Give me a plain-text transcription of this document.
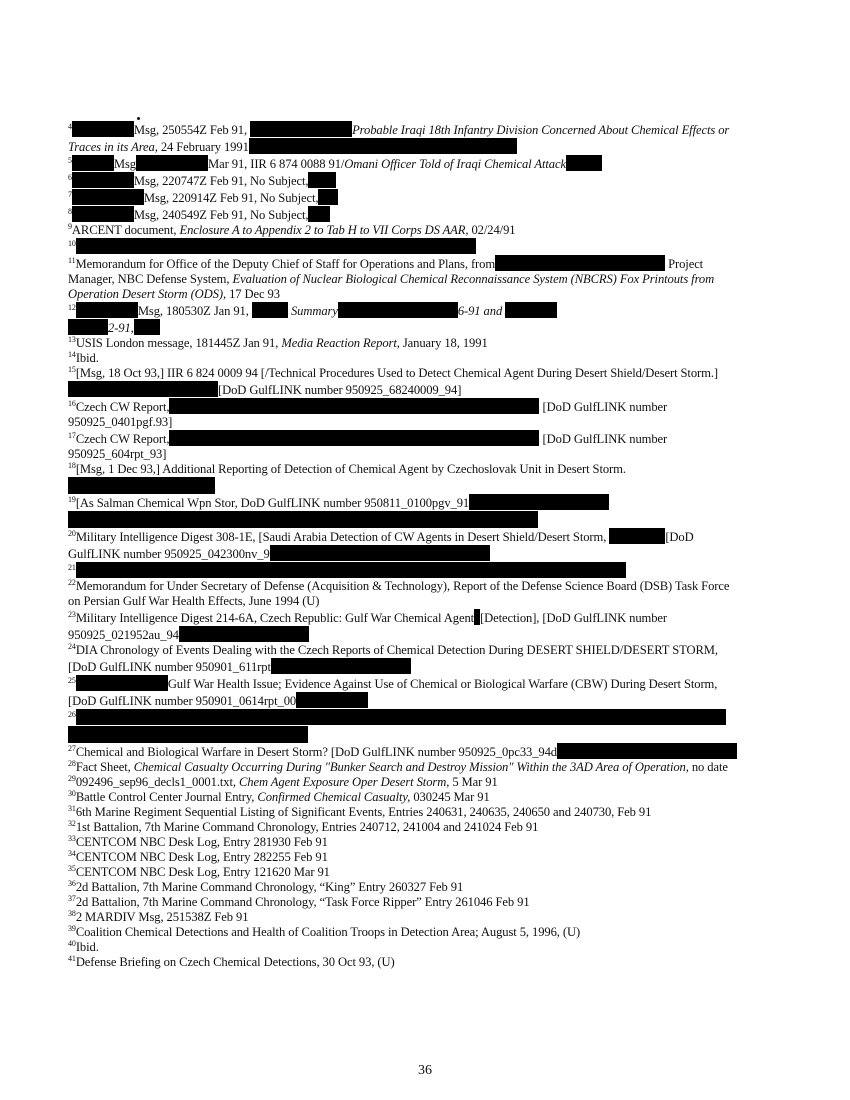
$^4$	Msg, 250554Z Feb 91,	Probable Iraqi 18th Infantry Division Concerned About Chemical Effects or Traces in its Area, 24 February 1991

$^5$	Msg	Mar 91, IIR 6 874 0088 91/Omani Officer Told of Iraqi Chemical Attack

$^6$	Msg, 220747Z Feb 91, No Subject,

$^7$	Msg, 220914Z Feb 91, No Subject,

$^8$	Msg, 240549Z Feb 91, No Subject,

$^9$ARCENT document, Enclosure A to Appendix 2 to Tab H to VII Corps DS AAR, 02/24/91

$^{10}$

$^{11}$Memorandum for Office of the Deputy Chief of Staff for Operations and Plans, from	Project Manager, NBC Defense System, Evaluation of Nuclear Biological Chemical Reconnaissance System (NBCRS) Fox Printouts from Operation Desert Storm (ODS), 17 Dec 93

$^{12}$	Msg, 180530Z Jan 91,	Summary	6-91 and
2-91,

$^{13}$USIS London message, 181445Z Jan 91, Media Reaction Report, January 18, 1991

$^{14}$Ibid.

$^{15}$[Msg, 18 Oct 93,] IIR 6 824 0009 94 [/Technical Procedures Used to Detect Chemical Agent During Desert Shield/Desert Storm.][DoD GulfLINK number 950925_68240009_94]

$^{16}$Czech CW Report,	[DoD GulfLINK number 950925_0401pgf.93]

$^{17}$Czech CW Report,	[DoD GulfLINK number 950925_604rpt_93]

$^{18}$[Msg, 1 Dec 93,] Additional Reporting of Detection of Chemical Agent by Czechoslovak Unit in Desert Storm.

$^{19}$[As Salman Chemical Wpn Stor, DoD GulfLINK number 950811_0100pgv_91

$^{20}$Military Intelligence Digest 308-1E, [Saudi Arabia Detection of CW Agents in Desert Shield/Desert Storm,	[DoD GulfLINK number 950925_042300nv_9

$^{21}$

$^{22}$Memorandum for Under Secretary of Defense (Acquisition & Technology), Report of the Defense Science Board (DSB) Task Force on Persian Gulf War Health Effects, June 1994 (U)

$^{23}$Military Intelligence Digest 214-6A, Czech Republic: Gulf War Chemical Agent [Detection], [DoD GulfLINK number 950925_021952au_94

$^{24}$DIA Chronology of Events Dealing with the Czech Reports of Chemical Detection During DESERT SHIELD/DESERT STORM, [DoD GulfLINK number 950901_611rpt

$^{25}$	Gulf War Health Issue; Evidence Against Use of Chemical or Biological Warfare (CBW) During Desert Storm, [DoD GulfLINK number 950901_0614rpt_00

$^{26}$

$^{27}$Chemical and Biological Warfare in Desert Storm? [DoD GulfLINK number 950925_0pc33_94d

$^{28}$Fact Sheet, Chemical Casualty Occurring During "Bunker Search and Destroy Mission" Within the 3AD Area of Operation, no date

$^{29}$092496_sep96_decls1_0001.txt, Chem Agent Exposure Oper Desert Storm, 5 Mar 91

$^{30}$Battle Control Center Journal Entry, Confirmed Chemical Casualty, 030245 Mar 91

$^{31}$6th Marine Regiment Sequential Listing of Significant Events, Entries 240631, 240635, 240650 and 240730, Feb 91

$^{32}$1st Battalion, 7th Marine Command Chronology, Entries 240712, 241004 and 241024 Feb 91

$^{33}$CENTCOM NBC Desk Log, Entry 281930 Feb 91

$^{34}$CENTCOM NBC Desk Log, Entry 282255 Feb 91

$^{35}$CENTCOM NBC Desk Log, Entry 121620 Mar 91

$^{36}$2d Battalion, 7th Marine Command Chronology, “King” Entry 260327 Feb 91

$^{37}$2d Battalion, 7th Marine Command Chronology, “Task Force Ripper” Entry 261046 Feb 91

$^{38}$2 MARDIV Msg, 251538Z Feb 91

$^{39}$Coalition Chemical Detections and Health of Coalition Troops in Detection Area; August 5, 1996, (U)

$^{40}$Ibid.

$^{41}$Defense Briefing on Czech Chemical Detections, 30 Oct 93, (U)

36
